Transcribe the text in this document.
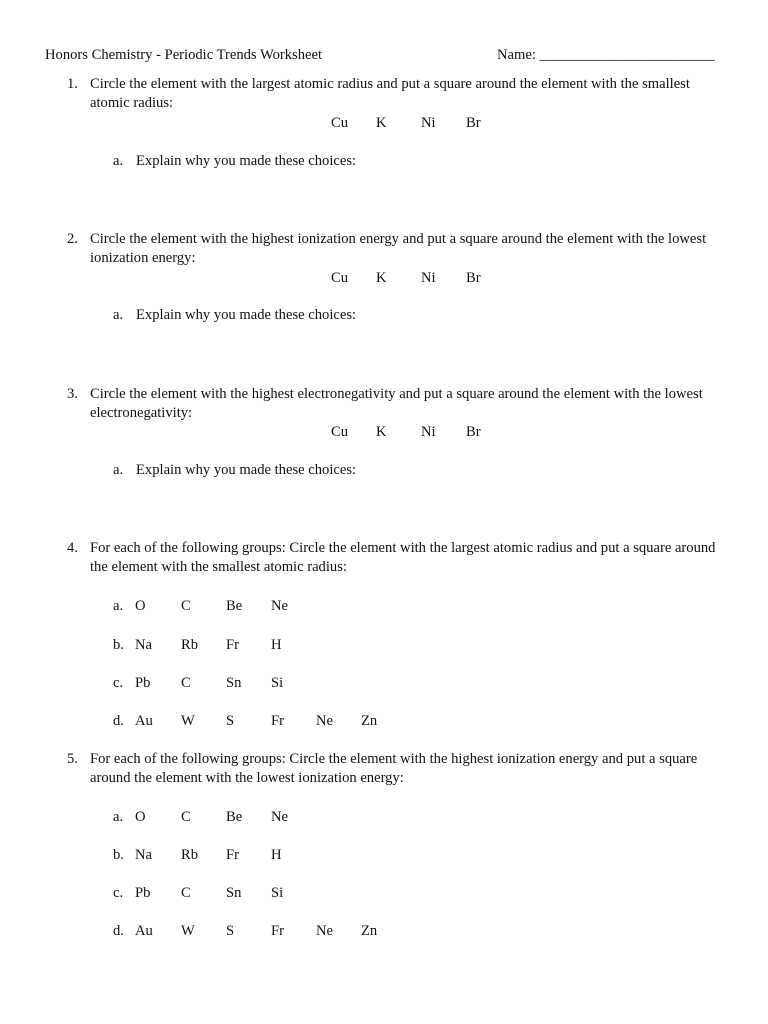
Honors Chemistry - Periodic Trends Worksheet	Name: ________________________
1. Circle the element with the largest atomic radius and put a square around the element with the smallest atomic radius:
Cu K Ni Br
a. Explain why you made these choices:
2. Circle the element with the highest ionization energy and put a square around the element with the lowest ionization energy:
Cu K Ni Br
a. Explain why you made these choices:
3. Circle the element with the highest electronegativity and put a square around the element with the lowest electronegativity:
Cu K Ni Br
a. Explain why you made these choices:
4. For each of the following groups: Circle the element with the largest atomic radius and put a square around the element with the smallest atomic radius:
a. O C Be Ne
b. Na Rb Fr H
c. Pb C Sn Si
d. Au W S	Fr Ne Zn
5. For each of the following groups: Circle the element with the highest ionization energy and put a square around the element with the lowest ionization energy:
a. O C Be Ne
b. Na Rb Fr H
c. Pb C Sn Si
d. Au W S	Fr Ne Zn
